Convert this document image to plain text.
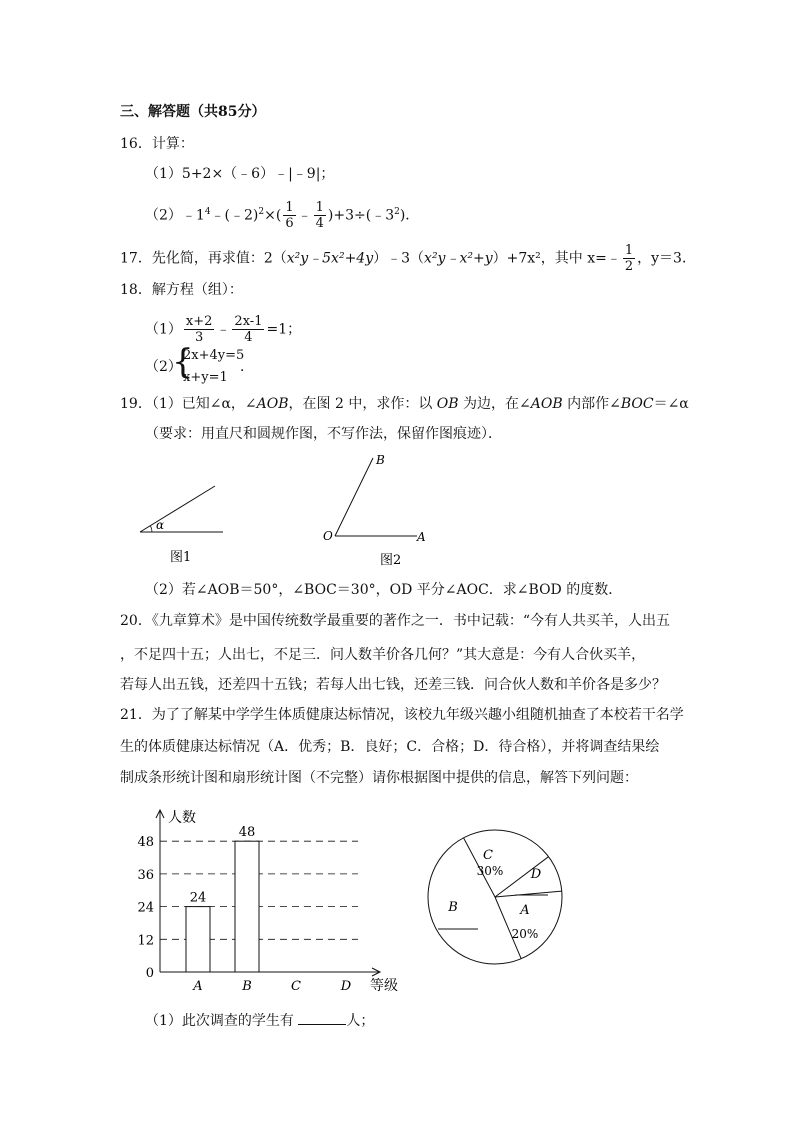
三、解答题（共85分）
16．计算：
（1）5+2×（﹣6）﹣|﹣9|；
$(2)﹣1^4﹣(﹣2)^2\times( \frac{1}{6}$ ﹣ $\frac{1}{4}$ )$+3\div(﹣3^2)$．
17．先化简，再求值：2（x²y﹣5x²+4y）﹣3（x²y﹣x²+y）+7x²，其中 x=﹣ $\frac{1}{2}$ ，y＝3．
18．解方程（组）：
$(1) \frac{x+2}{3}$ ﹣ $\frac{2x-1}{4} =1$；
（2）
{
2x+4y=5
x+y=1
．
19．（1）已知∠α，∠AOB，在图 2 中，求作：以 OB 为边，在∠AOB 内部作∠BOC＝∠α
（要求：用直尺和圆规作图，不写作法，保留作图痕迹）．
α
图1
B
O	A
图2
（2）若∠AOB＝50°，∠BOC＝30°，OD 平分∠AOC．求∠BOD 的度数．
20．《九章算术》是中国传统数学最重要的著作之一．书中记载：“今有人共买羊，人出五
，不足四十五；人出七，不足三．问人数羊价各几何？”其大意是：今有人合伙买羊，
若每人出五钱，还差四十五钱；若每人出七钱，还差三钱．问合伙人数和羊价各是多少？
21．为了了解某中学学生体质健康达标情况，该校九年级兴趣小组随机抽查了本校若干名学
生的体质健康达标情况（A．优秀；B．良好；C．合格；D．待合格），并将调查结果绘
制成条形统计图和扇形统计图（不完整）请你根据图中提供的信息，解答下列问题：
人数
等级
0
12
24
36
48
A
24
B
48
C	D
C
30% D
A
20%
B
（1）此次调查的学生有	人；
